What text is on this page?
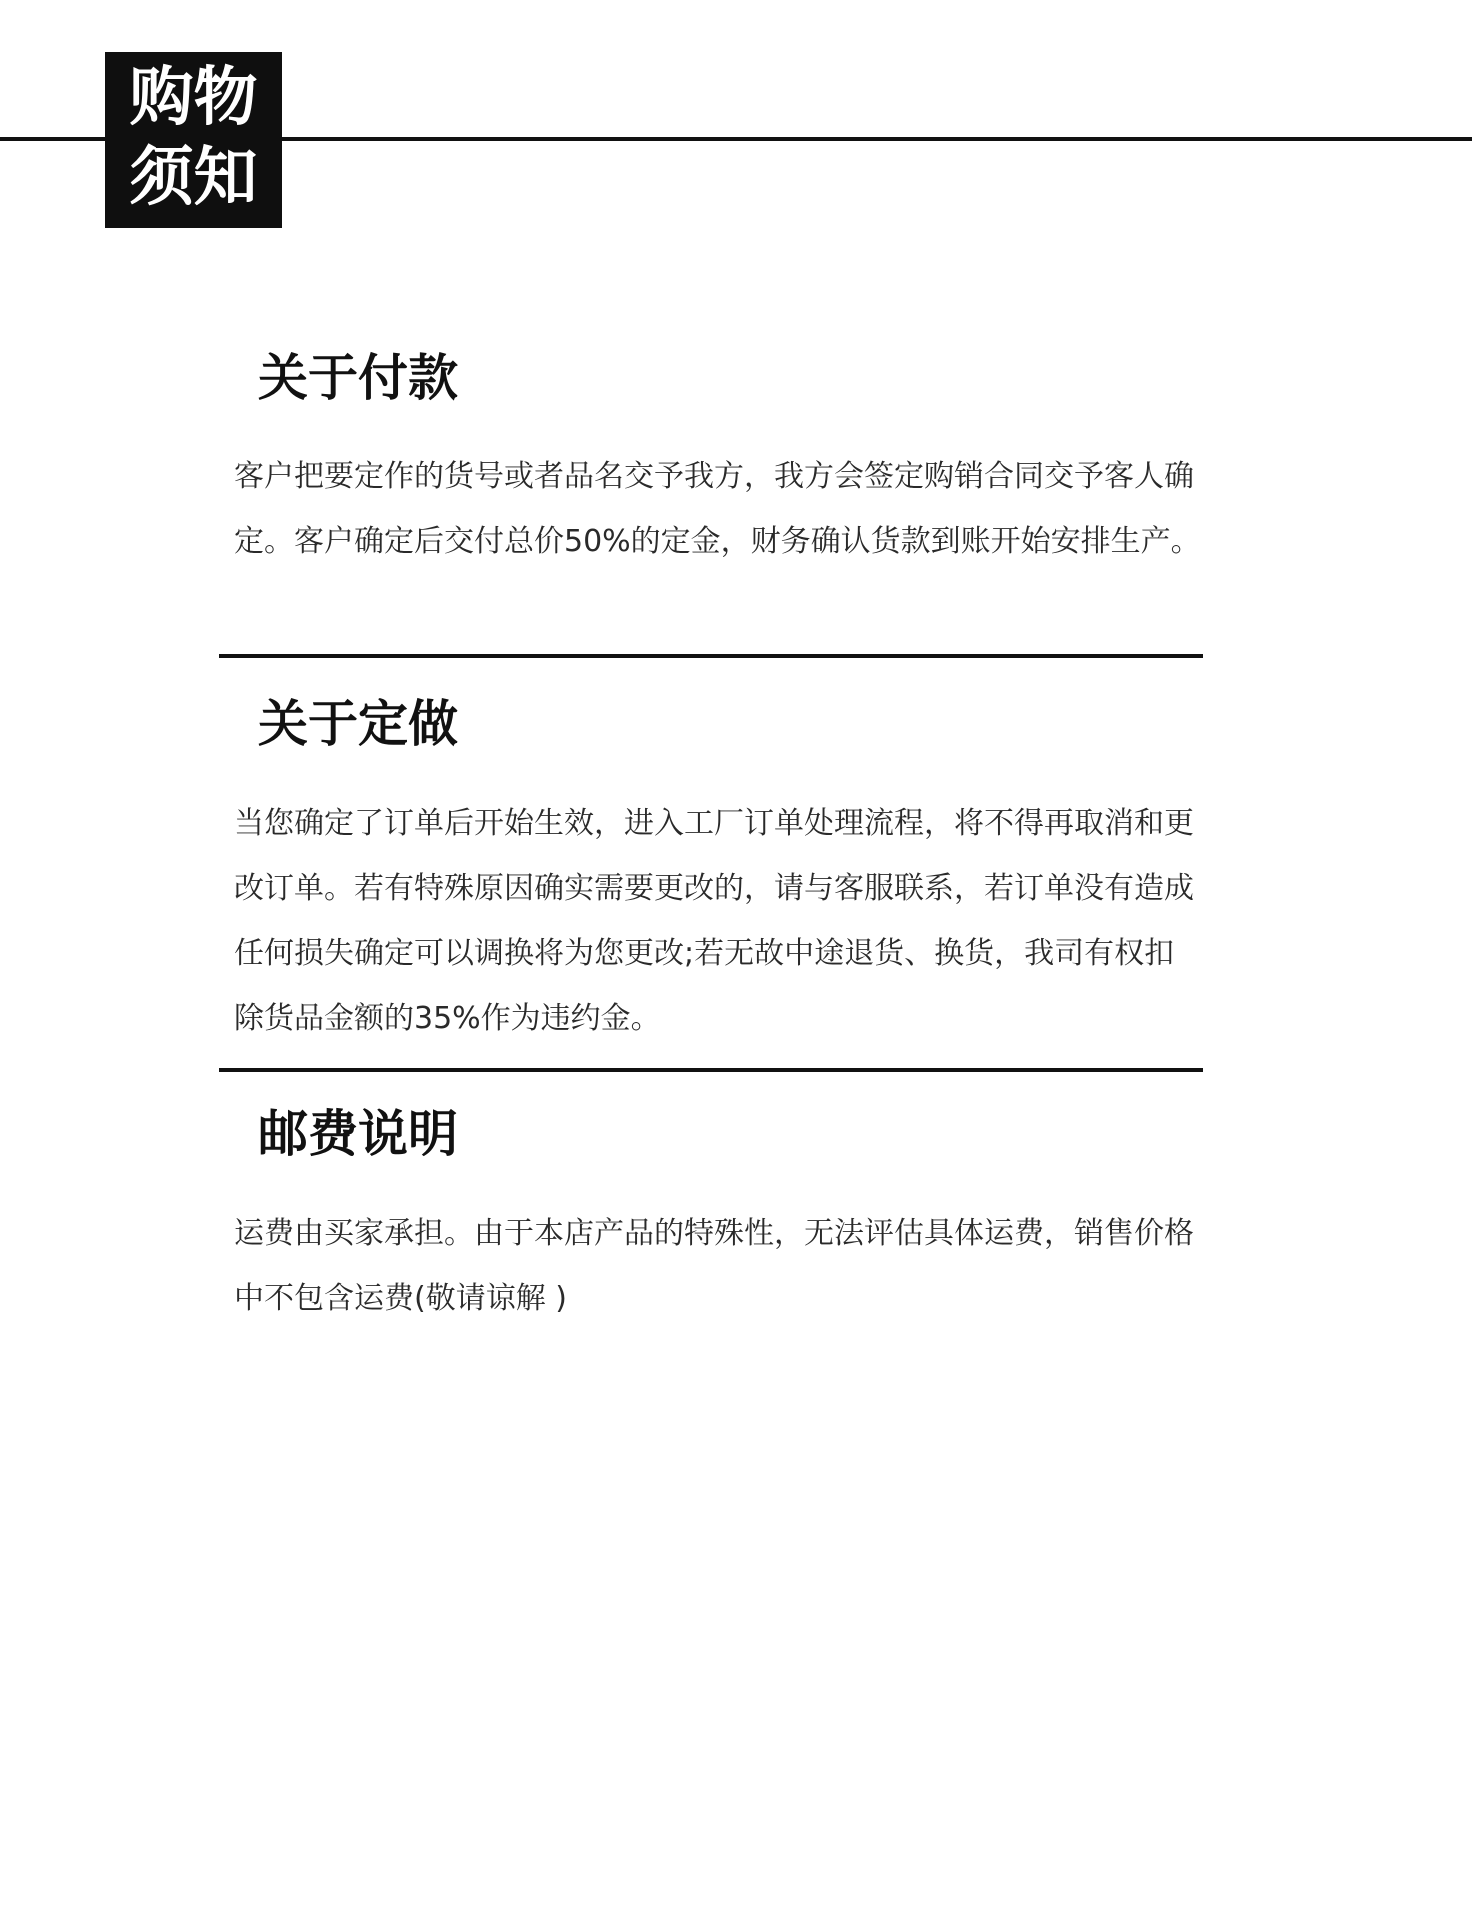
购物
须知
关于付款

客户把要定作的货号或者品名交予我方，我方会签定购销合同交予客人确定。客户确定后交付总价50%的定金，财务确认货款到账开始安排生产。

关于定做

当您确定了订单后开始生效，进入工厂订单处理流程，将不得再取消和更改订单。若有特殊原因确实需要更改的，请与客服联系，若订单没有造成任何损失确定可以调换将为您更改;若无故中途退货、换货，我司有权扣除货品金额的35%作为违约金。

邮费说明

运费由买家承担。由于本店产品的特殊性，无法评估具体运费，销售价格中不包含运费(敬请谅解 )
